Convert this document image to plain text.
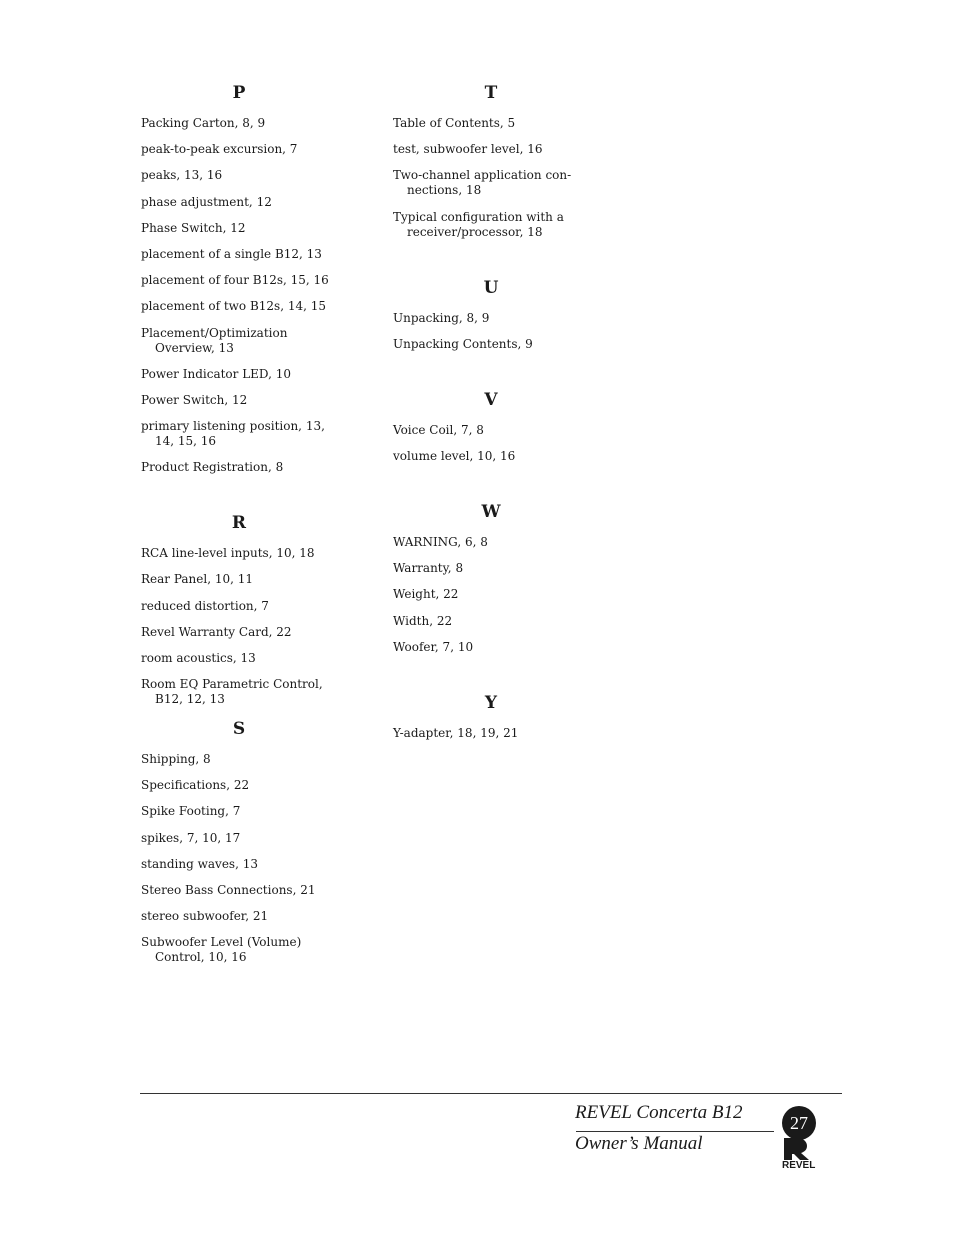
P
Packing Carton, 8, 9
peak-to-peak excursion, 7
peaks, 13, 16
phase adjustment, 12
Phase Switch, 12
placement of a single B12, 13
placement of four B12s, 15, 16
placement of two B12s, 14, 15
Placement/Optimization Overview, 13
Power Indicator LED, 10
Power Switch, 12
primary listening position, 13, 14, 15, 16
Product Registration, 8
R
RCA line-level inputs, 10, 18
Rear Panel, 10, 11
reduced distortion, 7
Revel Warranty Card, 22
room acoustics, 13
Room EQ Parametric Control, B12, 12, 13
S
Shipping, 8
Specifications, 22
Spike Footing, 7
spikes, 7, 10, 17
standing waves, 13
Stereo Bass Connections, 21
stereo subwoofer, 21
Subwoofer Level (Volume) Control, 10, 16
T
Table of Contents, 5
test, subwoofer level, 16
Two-channel application con- nections, 18
Typical configuration with a receiver/processor, 18
U
Unpacking, 8, 9
Unpacking Contents, 9
V
Voice Coil, 7, 8
volume level, 10, 16
W
WARNING, 6, 8
Warranty, 8
Weight, 22
Width, 22
Woofer, 7, 10
Y
Y-adapter, 18, 19, 21
REVEL Concerta B12
Owner’s Manual
27
REVEL
